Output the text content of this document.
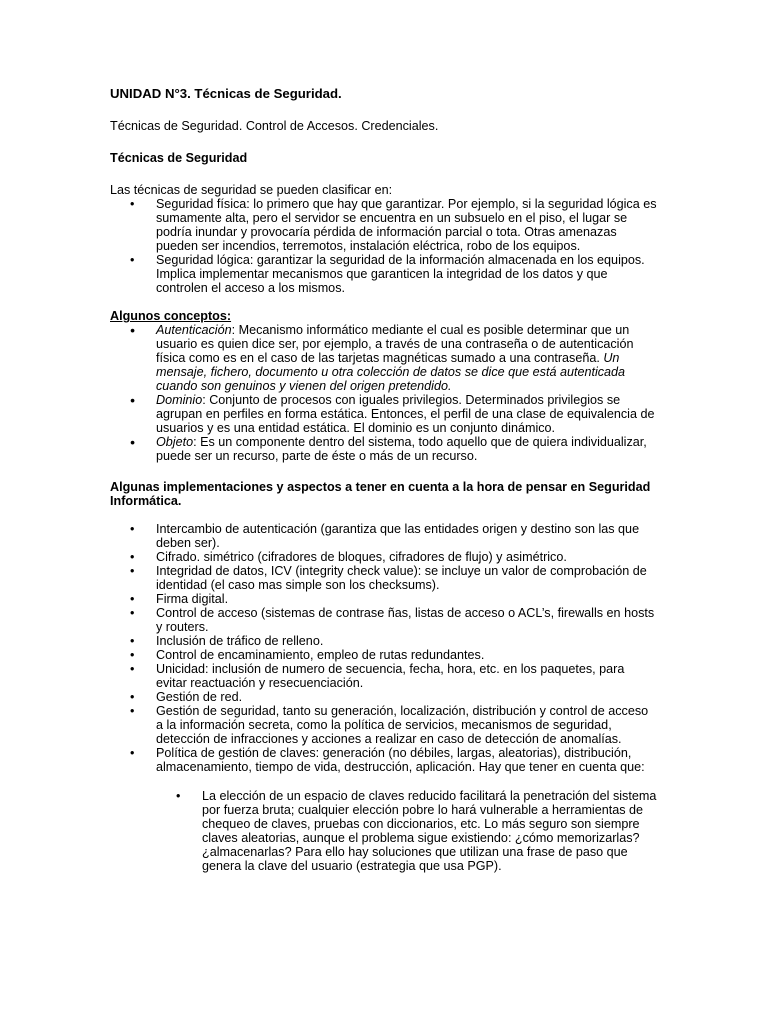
UNIDAD N°3. Técnicas de Seguridad.

Técnicas de Seguridad. Control de Accesos. Credenciales.

Técnicas de Seguridad

Las técnicas de seguridad se pueden clasificar en:

• Seguridad física: lo primero que hay que garantizar. Por ejemplo, si la seguridad lógica es sumamente alta, pero el servidor se encuentra en un subsuelo en el piso, el lugar se podría inundar y provocaría pérdida de información parcial o tota. Otras amenazas pueden ser incendios, terremotos, instalación eléctrica, robo de los equipos.
• Seguridad lógica: garantizar la seguridad de la información almacenada en los equipos. Implica implementar mecanismos que garanticen la integridad de los datos y que controlen el acceso a los mismos.

Algunos conceptos:

• Autenticación: Mecanismo informático mediante el cual es posible determinar que un usuario es quien dice ser, por ejemplo, a través de una contraseña o de autenticación física como es en el caso de las tarjetas magnéticas sumado a una contraseña. Un mensaje, fichero, documento u otra colección de datos se dice que está autenticada cuando son genuinos y vienen del origen pretendido.
• Dominio: Conjunto de procesos con iguales privilegios. Determinados privilegios se agrupan en perfiles en forma estática. Entonces, el perfil de una clase de equivalencia de usuarios y es una entidad estática. El dominio es un conjunto dinámico.
• Objeto: Es un componente dentro del sistema, todo aquello que de quiera individualizar, puede ser un recurso, parte de éste o más de un recurso.

Algunas implementaciones y aspectos a tener en cuenta a la hora de pensar en Seguridad Informática.

• Intercambio de autenticación (garantiza que las entidades origen y destino son las que deben ser).
• Cifrado. simétrico (cifradores de bloques, cifradores de flujo) y asimétrico.
• Integridad de datos, ICV (integrity check value): se incluye un valor de comprobación de identidad (el caso mas simple son los checksums).
• Firma digital.
• Control de acceso (sistemas de contrase ñas, listas de acceso o ACL’s, firewalls en hosts y routers.
• Inclusión de tráfico de relleno.
• Control de encaminamiento, empleo de rutas redundantes.
• Unicidad: inclusión de numero de secuencia, fecha, hora, etc. en los paquetes, para evitar reactuación y resecuenciación.
• Gestión de red.
• Gestión de seguridad, tanto su generación, localización, distribución y control de acceso a la información secreta, como la política de servicios, mecanismos de seguridad, detección de infracciones y acciones a realizar en caso de detección de anomalías.
• Política de gestión de claves: generación (no débiles, largas, aleatorias), distribución, almacenamiento, tiempo de vida, destrucción, aplicación. Hay que tener en cuenta que:
• La elección de un espacio de claves reducido facilitará la penetración del sistema por fuerza bruta; cualquier elección pobre lo hará vulnerable a herramientas de chequeo de claves, pruebas con diccionarios, etc. Lo más seguro son siempre claves aleatorias, aunque el problema sigue existiendo: ¿cómo memorizarlas? ¿almacenarlas? Para ello hay soluciones que utilizan una frase de paso que genera la clave del usuario (estrategia que usa PGP).
